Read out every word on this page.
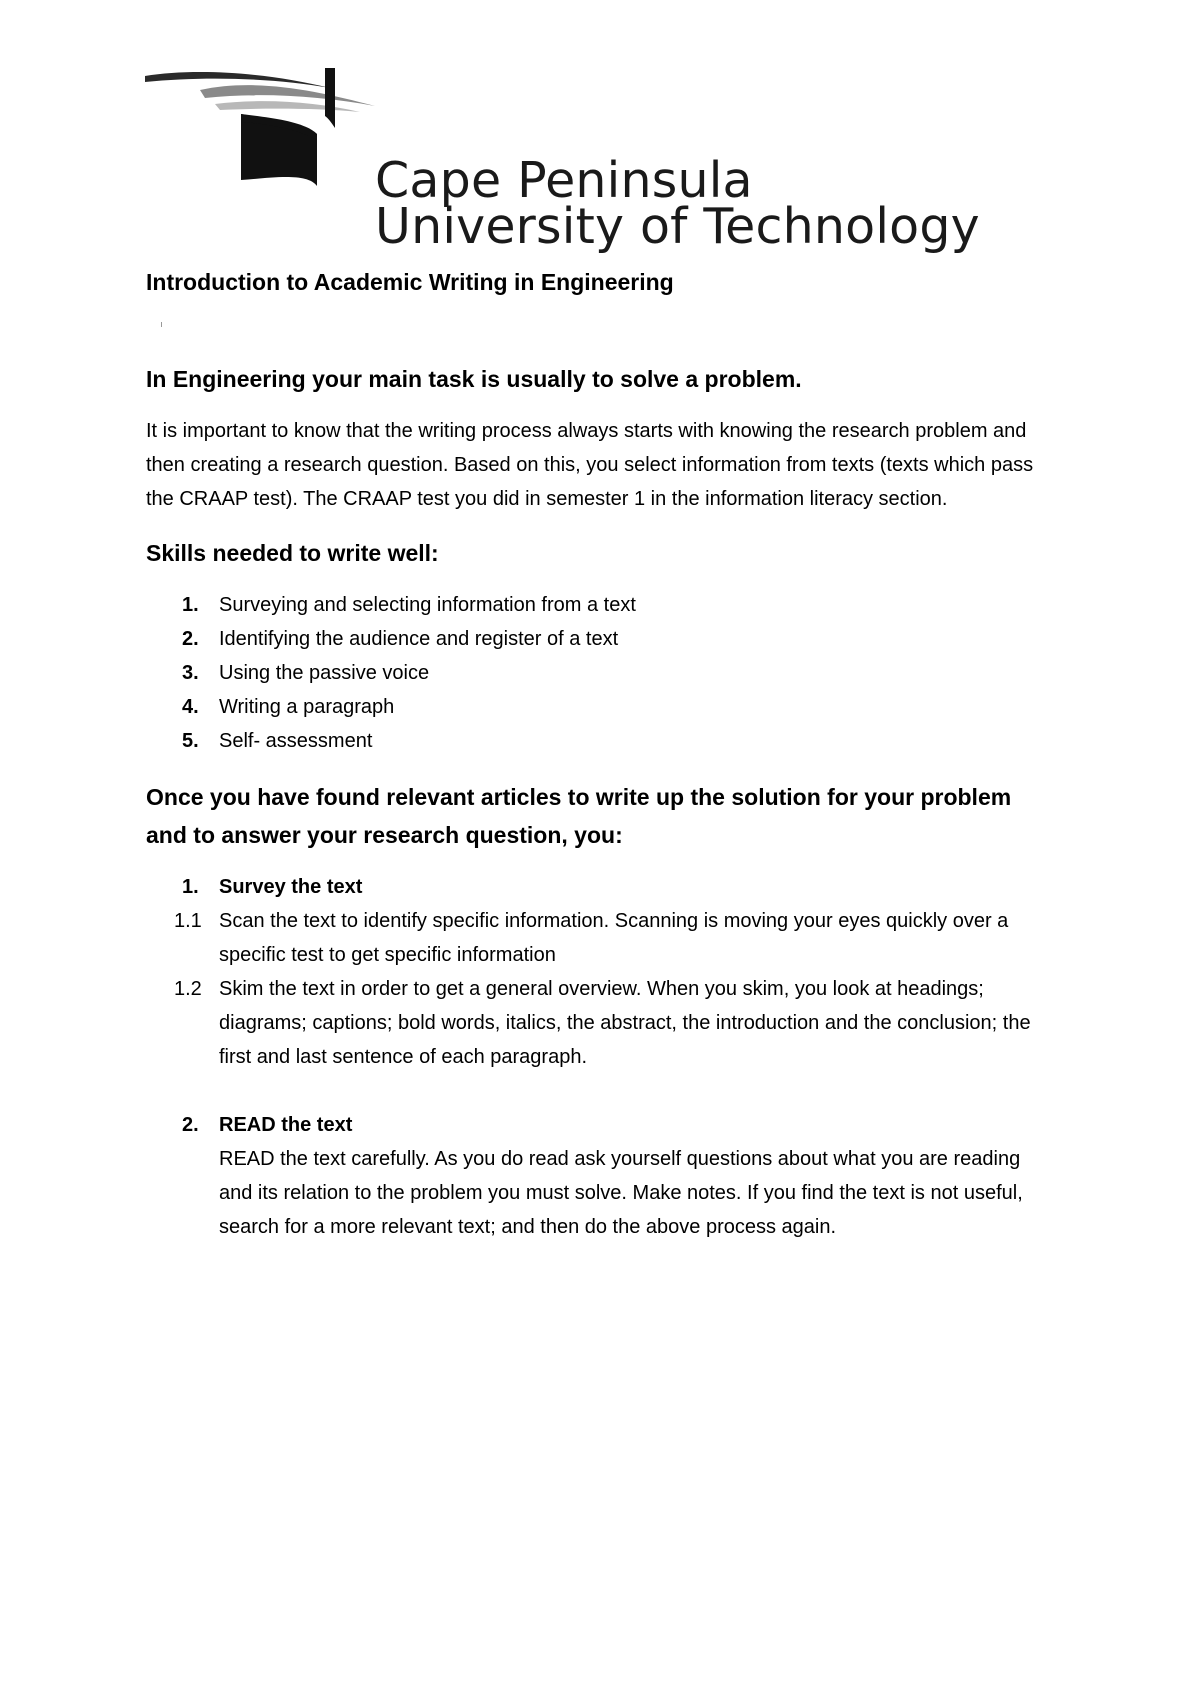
Cape Peninsula
University of Technology
Introduction to Academic Writing in Engineering
In Engineering your main task is usually to solve a problem.

It is important to know that the writing process always starts with knowing the research problem and then creating a research question. Based on this, you select information from texts (texts which pass the CRAAP test). The CRAAP test you did in semester 1 in the information literacy section.

Skills needed to write well:
1. Surveying and selecting information from a text
2. Identifying the audience and register of a text
3. Using the passive voice
4. Writing a paragraph
5. Self- assessment
Once you have found relevant articles to write up the solution for your problem and to answer your research question, you:
1. Survey the text
1.1 Scan the text to identify specific information. Scanning is moving your eyes quickly over a specific test to get specific information
1.2 Skim the text in order to get a general overview. When you skim, you look at headings; diagrams; captions; bold words, italics, the abstract, the introduction and the conclusion; the first and last sentence of each paragraph.
2. READ the text
READ the text carefully. As you do read ask yourself questions about what you are reading and its relation to the problem you must solve. Make notes. If you find the text is not useful, search for a more relevant text; and then do the above process again.
